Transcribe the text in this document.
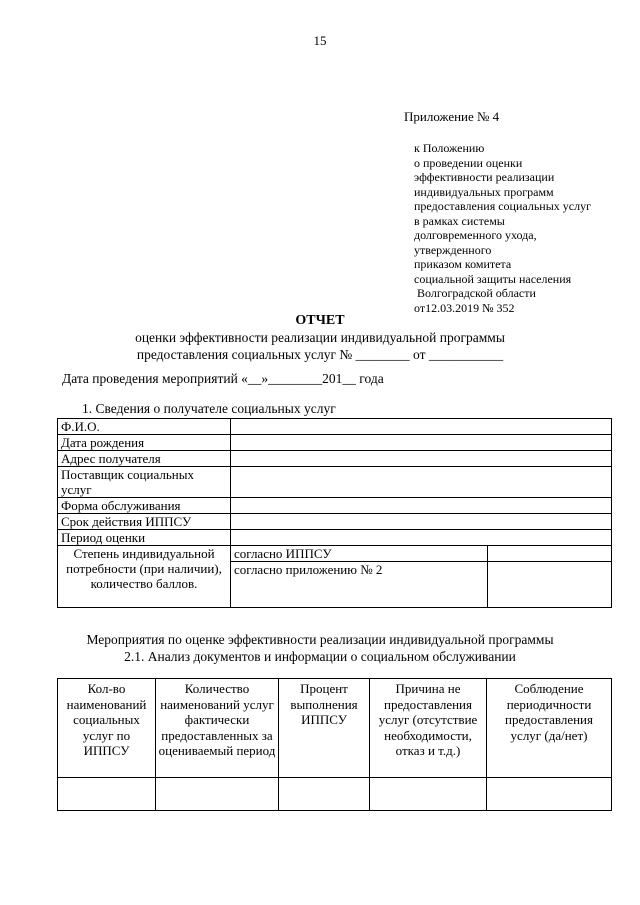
15
Приложение № 4
к Положению
о проведении оценки
эффективности реализации
индивидуальных программ
предоставления социальных услуг
в рамках системы
долговременного ухода,
утвержденного
приказом комитета
социальной защиты населения
Волгоградской области
от12.03.2019 № 352
ОТЧЕТ
оценки эффективности реализации индивидуальной программы
предоставления социальных услуг № ________ от ___________
Дата проведения мероприятий «__»________201__ года
1. Сведения о получателе социальных услуг
Ф.И.О.		
Дата рождения		
Адрес получателя		
Поставщик социальных услуг		
Форма обслуживания		
Срок действия ИППСУ		
Период оценки		
Степень индивидуальной потребности (при наличии), количество баллов.	согласно ИППСУ	
	согласно приложению № 2	
Мероприятия по оценке эффективности реализации индивидуальной программы
2.1. Анализ документов и информации о социальном обслуживании
Кол-во наименований социальных услуг по ИППСУ	Количество наименований услуг фактически предоставленных за оцениваемый период	Процент выполнения ИППСУ	Причина не предоставления услуг (отсутствие необходимости, отказ и т.д.)	Соблюдение периодичности предоставления услуг (да/нет)
